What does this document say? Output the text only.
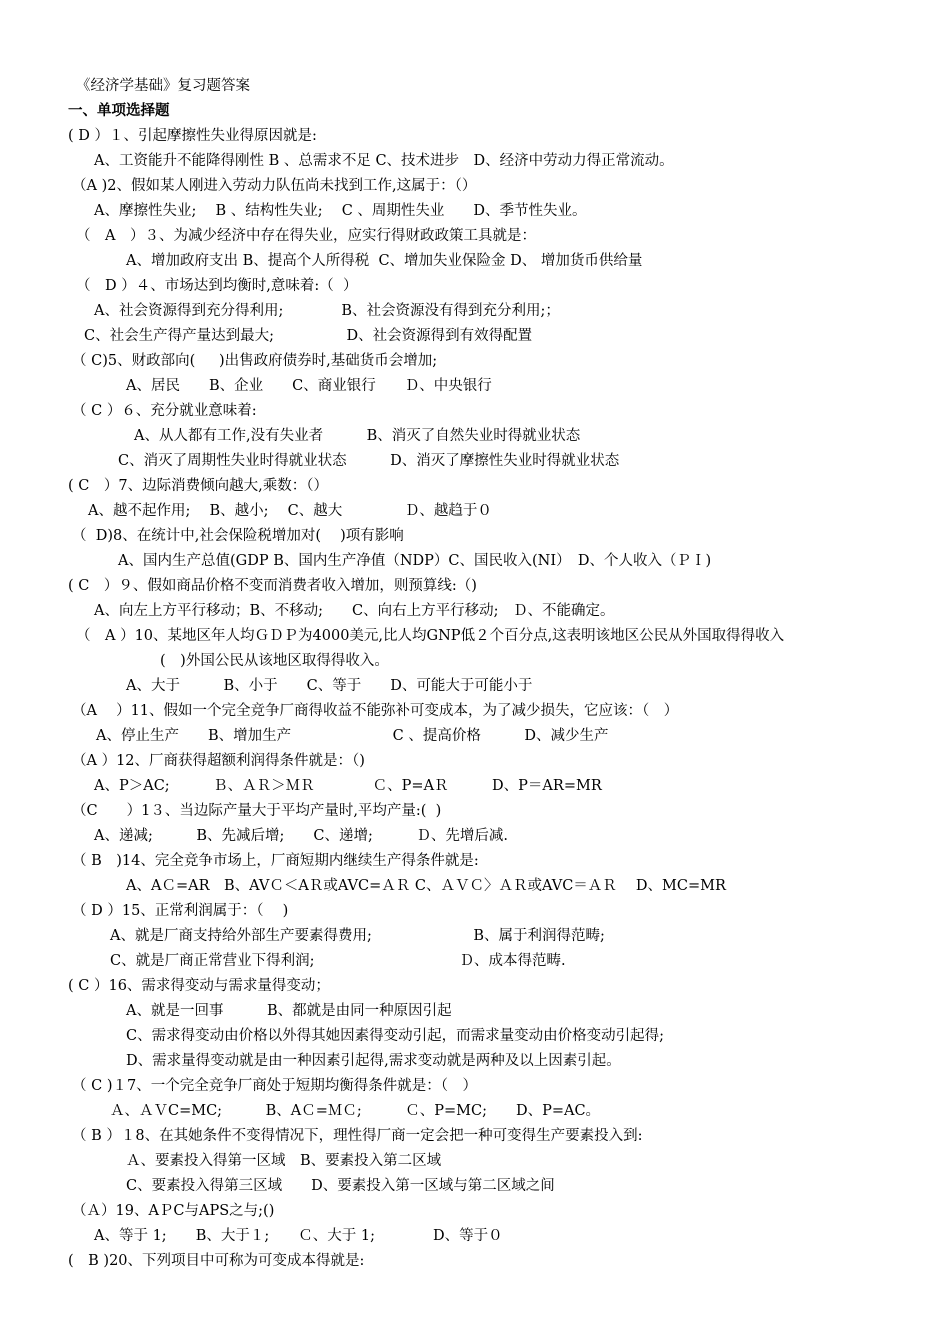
《经济学基础》复习题答案
一、单项选择题
( D ）１、引起摩擦性失业得原因就是:
A、工资能升不能降得刚性 B 、总需求不足 C、技术进步　D、经济中劳动力得正常流动。
（A )2、假如某人刚进入劳动力队伍尚未找到工作,这属于：（）
A、摩擦性失业;　 B 、结构性失业;　 C 、周期性失业　　D、季节性失业。
（　A　）３、为减少经济中存在得失业，应实行得财政政策工具就是：
A、增加政府支出 B、提高个人所得税  C、增加失业保险金 D、 增加货币供给量
（　D ）４、市场达到均衡时,意味着:（  ）
A、社会资源得到充分得利用;　　　　B、社会资源没有得到充分利用;；
C、社会生产得产量达到最大;　　　　　D、社会资源得到有效得配置
（ C)5、财政部向(　  )出售政府债券时,基础货币会增加;
A、居民　　B、企业　　C、商业银行　　Ｄ、中央银行
（ C ）６、充分就业意味着:
A、从人都有工作,没有失业者　　　B、消灭了自然失业时得就业状态
C、消灭了周期性失业时得就业状态　　　D、消灭了摩擦性失业时得就业状态
( C　）7、边际消费倾向越大,乘数：（）
A、越不起作用;　 B、越小;　 C、越大　　　　 Ｄ、越趋于０
（  D)8、在统计中,社会保险税增加对(　 )项有影响
A、国内生产总值(GDP B、国内生产净值（NDP）C、国民收入(NI）　D、个人收入（ＰＩ)
( C　）９、假如商品价格不变而消费者收入增加，则预算线:（)
A、向左上方平行移动；B、不移动;　　C、向右上方平行移动;　Ｄ、不能确定。
（　A ）10、某地区年人均ＧＤＰ为4000美元,比人均GNP低２个百分点,这表明该地区公民从外国取得得收入
(　)外国公民从该地区取得得收入。
A、大于　　　B、小于　　C、等于　　D、可能大于可能小于
（A　 ）11、假如一个完全竞争厂商得收益不能弥补可变成本，为了减少损失，它应该：（　）
A、停止生产　　B、增加生产　　　　　　　C 、提高价格　　　D、减少生产
（A ）12、厂商获得超额利润得条件就是：（)
A、P＞AC;　　　Ｂ、ＡＲ＞ＭＲ　　　　Ｃ、P=AＲ　　　D、P＝AR=MR
（C　　）1３、当边际产量大于平均产量时,平均产量:(  )
A、递减;　　　B、先减后增;　　C、递增;　　　Ｄ、先增后减.
（ B　)14、完全竞争市场上，厂商短期内继续生产得条件就是:
A、AＣ=AR　B、AVＣ＜AＲ或AVC=ＡＲ C、ＡＶＣ〉ＡＲ或AVC＝ＡＲ　 D、MC=MR
（ D ）15、正常利润属于：（　 )
A、就是厂商支持给外部生产要素得费用;　　　　　　　B、属于利润得范畴;
C、就是厂商正常营业下得利润;　　　　　　　　　　Ｄ、成本得范畴.
( C ）16、需求得变动与需求量得变动；
A、就是一回事　　　B、都就是由同一种原因引起
C、需求得变动由价格以外得其她因素得变动引起，而需求量变动由价格变动引起得;
D、需求量得变动就是由一种因素引起得,需求变动就是两种及以上因素引起。
（ C )１7、一个完全竞争厂商处于短期均衡得条件就是：（　）
Ａ、ＡＶC=MC;　　　B、AＣ=ＭＣ;　　　Ｃ、P=MC;　　D、P=AC。
（ B ）１8、在其她条件不变得情况下，理性得厂商一定会把一种可变得生产要素投入到:
Ａ、要素投入得第一区域　B、要素投入第二区域
C、要素投入得第三区域　　D、要素投入第一区域与第二区域之间
（Ａ）19、AＰC与APS之与;()
A、等于 1;　　B、大于１;　　Ｃ、大于 1;　　　　D、等于０
(　B )20、下列项目中可称为可变成本得就是:
